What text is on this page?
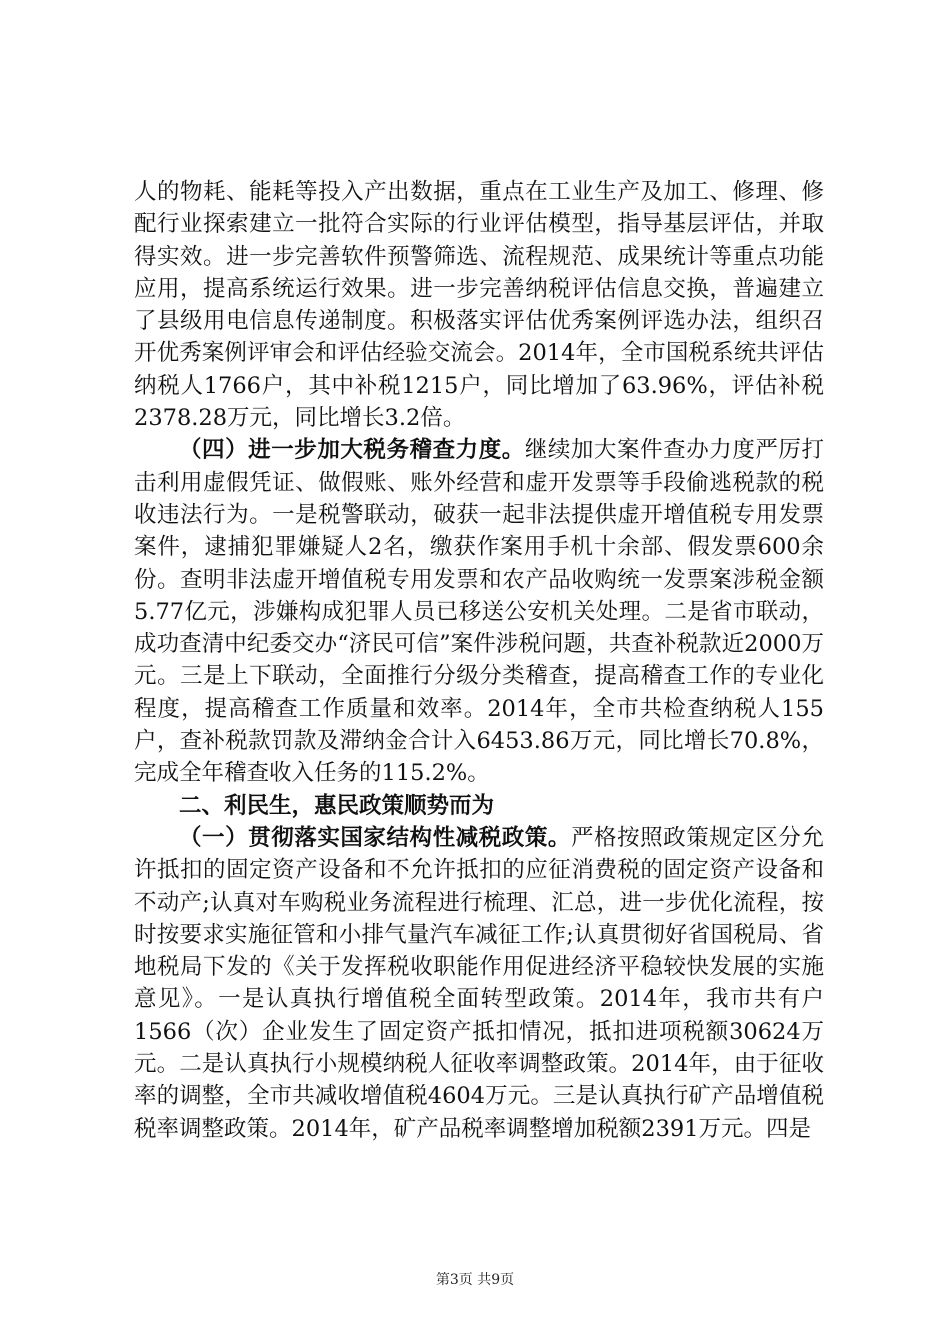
人的物耗、能耗等投入产出数据，重点在工业生产及加工、修理、修配行业探索建立一批符合实际的行业评估模型，指导基层评估，并取得实效。进一步完善软件预警筛选、流程规范、成果统计等重点功能应用，提高系统运行效果。进一步完善纳税评估信息交换，普遍建立了县级用电信息传递制度。积极落实评估优秀案例评选办法，组织召开优秀案例评审会和评估经验交流会。2014年，全市国税系统共评估纳税人1766户，其中补税1215户，同比增加了63.96%，评估补税2378.28万元，同比增长3.2倍。

（四）进一步加大税务稽查力度。继续加大案件查办力度严厉打击利用虚假凭证、做假账、账外经营和虚开发票等手段偷逃税款的税收违法行为。一是税警联动，破获一起非法提供虚开增值税专用发票案件，逮捕犯罪嫌疑人2名，缴获作案用手机十余部、假发票600余份。查明非法虚开增值税专用发票和农产品收购统一发票案涉税金额5.77亿元，涉嫌构成犯罪人员已移送公安机关处理。二是省市联动，成功查清中纪委交办“济民可信”案件涉税问题，共查补税款近2000万元。三是上下联动，全面推行分级分类稽查，提高稽查工作的专业化程度，提高稽查工作质量和效率。2014年，全市共检查纳税人155户，查补税款罚款及滞纳金合计入6453.86万元，同比增长70.8%，完成全年稽查收入任务的115.2%。

二、利民生，惠民政策顺势而为

（一）贯彻落实国家结构性减税政策。严格按照政策规定区分允许抵扣的固定资产设备和不允许抵扣的应征消费税的固定资产设备和不动产;认真对车购税业务流程进行梳理、汇总，进一步优化流程，按时按要求实施征管和小排气量汽车减征工作;认真贯彻好省国税局、省地税局下发的《关于发挥税收职能作用促进经济平稳较快发展的实施意见》。一是认真执行增值税全面转型政策。2014年，我市共有户1566（次）企业发生了固定资产抵扣情况，抵扣进项税额30624万元。二是认真执行小规模纳税人征收率调整政策。2014年，由于征收率的调整，全市共减收增值税4604万元。三是认真执行矿产品增值税税率调整政策。2014年，矿产品税率调整增加税额2391万元。四是

第3页 共9页
